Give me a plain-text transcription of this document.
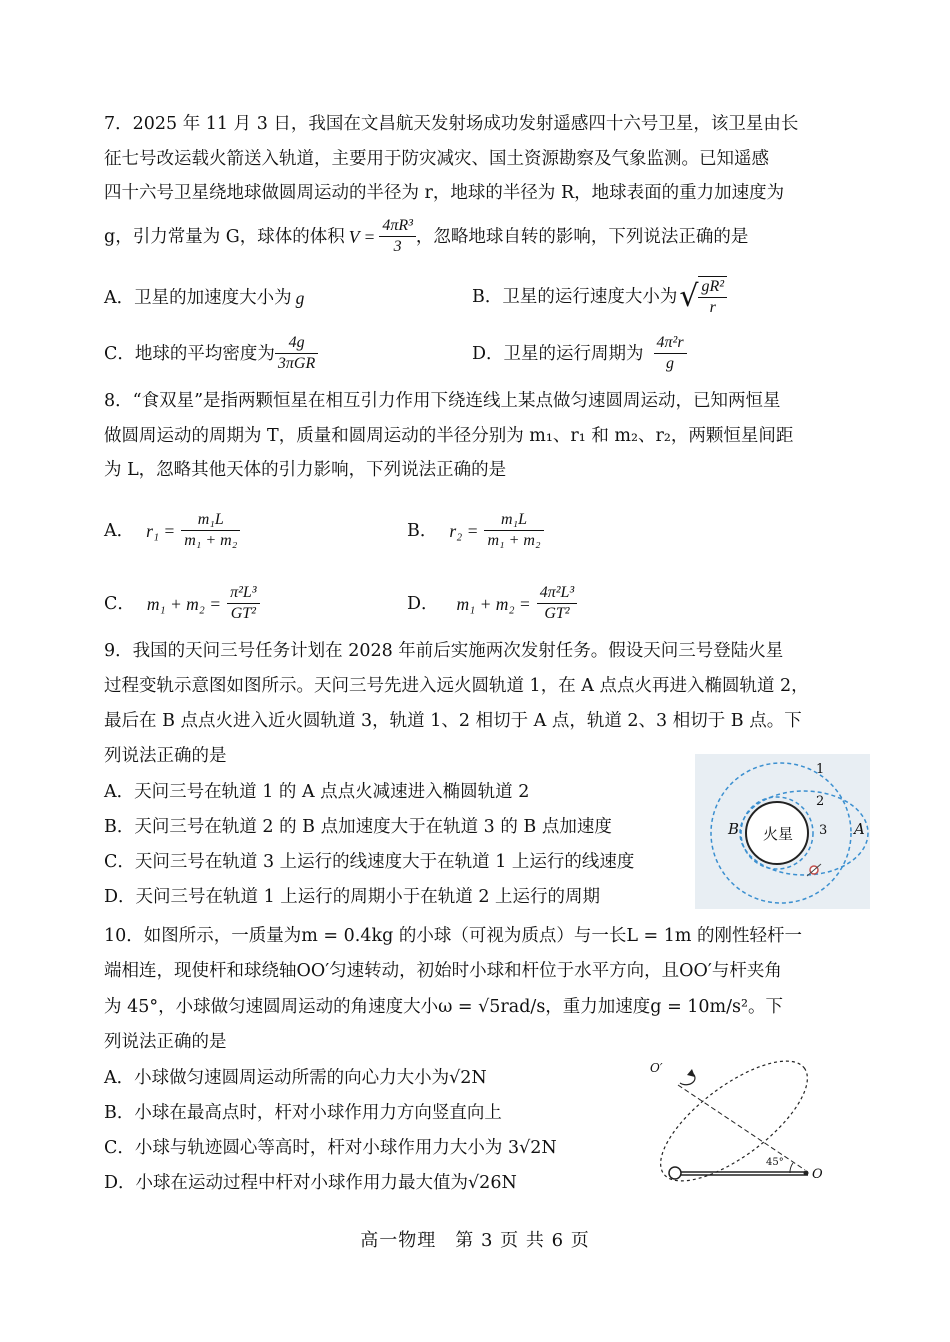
7．2025 年 11 月 3 日，我国在文昌航天发射场成功发射遥感四十六号卫星，该卫星由长
征七号改运载火箭送入轨道，主要用于防灾减灾、国土资源勘察及气象监测。已知遥感
四十六号卫星绕地球做圆周运动的半径为 r，地球的半径为 R，地球表面的重力加速度为
g，引力常量为 G，球体的体积 $V = \frac{\text{4πR³}}{3}$ ，忽略地球自转的影响，下列说法正确的是
A．卫星的加速度大小为 g	B．卫星的运行速度大小为 √ $\frac{\text{gR²}}{r}$
C．地球的平均密度为 $\frac{4g}{\text{3πGR}}$	D．卫星的运行周期为 $\frac{\text{4π²r}}{g}$
8．“食双星”是指两颗恒星在相互引力作用下绕连线上某点做匀速圆周运动，已知两恒星
做圆周运动的周期为 T，质量和圆周运动的半径分别为 m₁、r₁ 和 m₂、r₂，两颗恒星间距
为 L，忽略其他天体的引力影响，下列说法正确的是
A． $r_1 = \frac{\text{m₁L}}{\text{m₁ + m₂}}$	B． $r_2 = \frac{\text{m₁L}}{\text{m₁ + m₂}}$
C． $m_1 + m_2 = \frac{\text{π²L³}}{\text{GT²}}$	D． $m_1 + m_2 = \frac{\text{4π²L³}}{\text{GT²}}$
9．我国的天问三号任务计划在 2028 年前后实施两次发射任务。假设天问三号登陆火星
过程变轨示意图如图所示。天问三号先进入远火圆轨道 1，在 A 点点火再进入椭圆轨道 2，
最后在 B 点点火进入近火圆轨道 3，轨道 1、2 相切于 A 点，轨道 2、3 相切于 B 点。下
列说法正确的是
A．天问三号在轨道 1 的 A 点点火减速进入椭圆轨道 2
B．天问三号在轨道 2 的 B 点加速度大于在轨道 3 的 B 点加速度
C．天问三号在轨道 3 上运行的线速度大于在轨道 1 上运行的线速度
D．天问三号在轨道 1 上运行的周期小于在轨道 2 上运行的周期
火星
B	A
1
2
3
10．如图所示，一质量为m = 0.4kg 的小球（可视为质点）与一长L = 1m 的刚性轻杆一
端相连，现使杆和球绕轴OO′匀速转动，初始时小球和杆位于水平方向，且OO′与杆夹角
为 45°，小球做匀速圆周运动的角速度大小ω = √5rad/s，重力加速度g = 10m/s²。下
列说法正确的是
A．小球做匀速圆周运动所需的向心力大小为√2N
B．小球在最高点时，杆对小球作用力方向竖直向上
C．小球与轨迹圆心等高时，杆对小球作用力大小为 3√2N
D．小球在运动过程中杆对小球作用力最大值为√26N
O′
O
45°
高一物理　第 3 页 共 6 页
